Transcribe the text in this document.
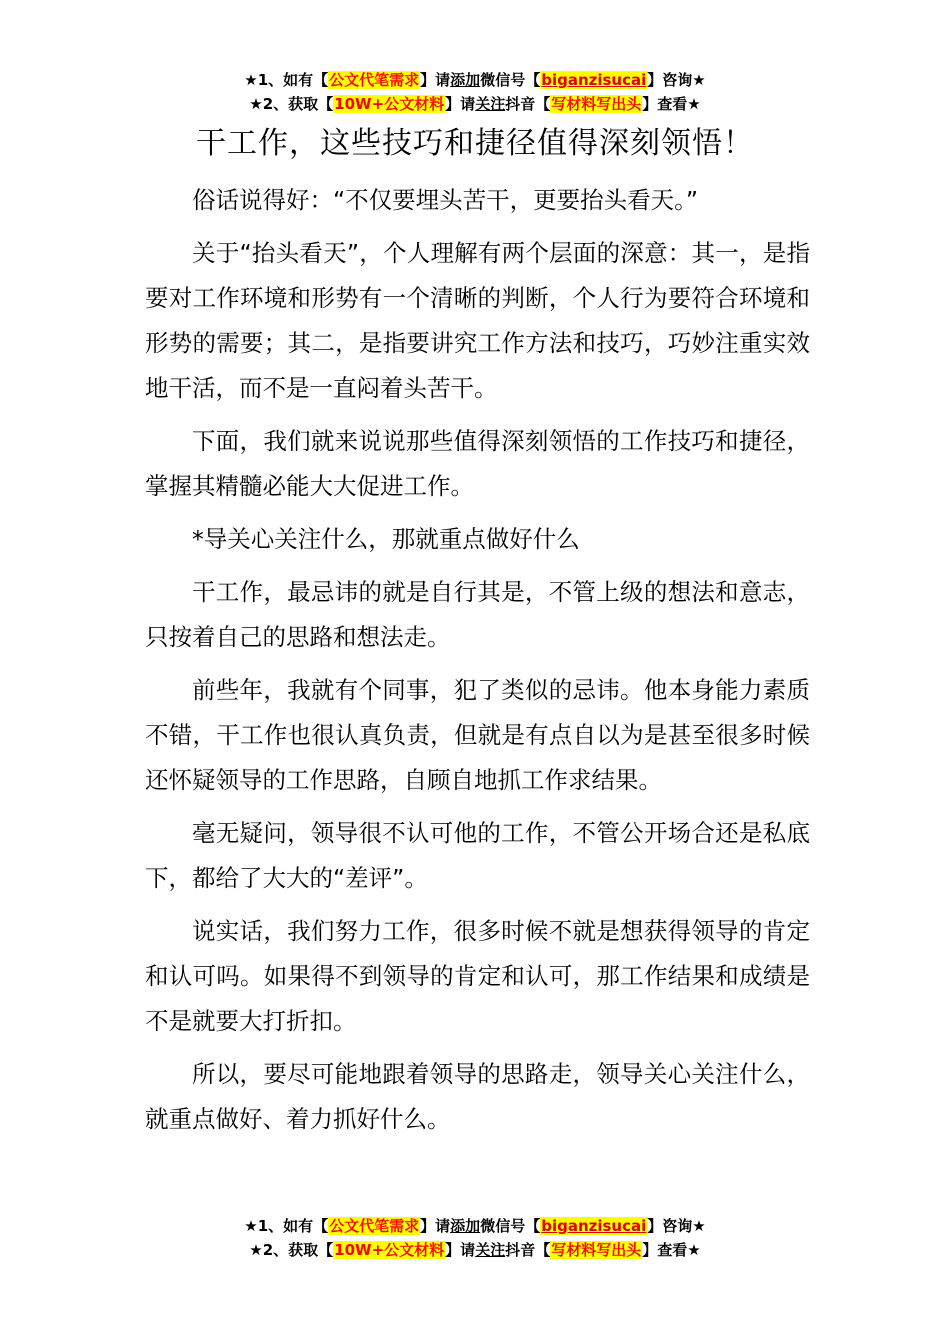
★1、如有【公文代笔需求】请添加微信号【biganzisucai】咨询★
★2、获取【10W+公文材料】请关注抖音【写材料写出头】查看★
干工作，这些技巧和捷径值得深刻领悟！

俗话说得好：“不仅要埋头苦干，更要抬头看天。”

关于“抬头看天”，个人理解有两个层面的深意：其一，是指要对工作环境和形势有一个清晰的判断，个人行为要符合环境和形势的需要；其二，是指要讲究工作方法和技巧，巧妙注重实效地干活，而不是一直闷着头苦干。

下面，我们就来说说那些值得深刻领悟的工作技巧和捷径，掌握其精髓必能大大促进工作。

*导关心关注什么，那就重点做好什么

干工作，最忌讳的就是自行其是，不管上级的想法和意志，只按着自己的思路和想法走。

前些年，我就有个同事，犯了类似的忌讳。他本身能力素质不错，干工作也很认真负责，但就是有点自以为是甚至很多时候还怀疑领导的工作思路，自顾自地抓工作求结果。

毫无疑问，领导很不认可他的工作，不管公开场合还是私底下，都给了大大的“差评”。

说实话，我们努力工作，很多时候不就是想获得领导的肯定和认可吗。如果得不到领导的肯定和认可，那工作结果和成绩是不是就要大打折扣。

所以，要尽可能地跟着领导的思路走，领导关心关注什么，就重点做好、着力抓好什么。

★1、如有【公文代笔需求】请添加微信号【biganzisucai】咨询★
★2、获取【10W+公文材料】请关注抖音【写材料写出头】查看★
